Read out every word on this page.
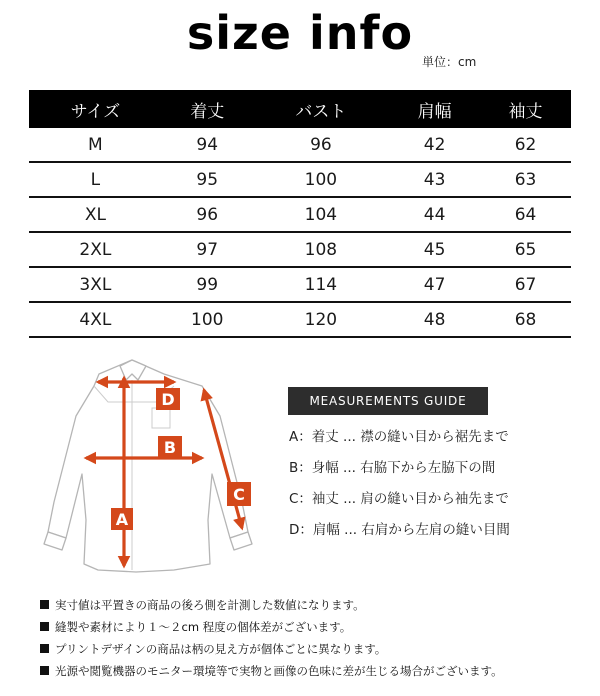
size info
単位：cm
サイズ	着丈	バスト	肩幅	袖丈
M	94	96	42	62
L	95	100	43	63
XL	96	104	44	64
2XL	97	108	45	65
3XL	99	114	47	67
4XL	100	120	48	68
A
B
C
D	MEASUREMENTS GUIDE
A：着丈 ... 襟の縫い目から裾先まで
B：身幅 ... 右脇下から左脇下の間
C：袖丈 ... 肩の縫い目から袖先まで
D：肩幅 ... 右肩から左肩の縫い目間
実寸値は平置きの商品の後ろ側を計測した数値になります。
縫製や素材により１～２cm 程度の個体差がございます。
プリントデザインの商品は柄の見え方が個体ごとに異なります。
光源や閲覧機器のモニター環境等で実物と画像の色味に差が生じる場合がございます。
